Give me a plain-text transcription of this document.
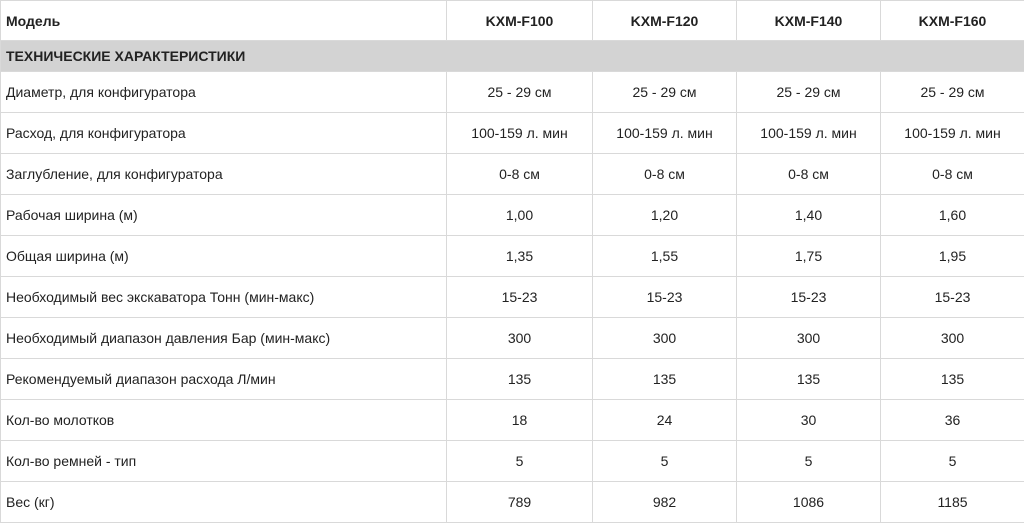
Модель	KXM-F100	KXM-F120	KXM-F140	KXM-F160
ТЕХНИЧЕСКИЕ ХАРАКТЕРИСТИКИ				
Диаметр, для конфигуратора	25 - 29 см	25 - 29 см	25 - 29 см	25 - 29 см
Расход, для конфигуратора	100-159 л. мин	100-159 л. мин	100-159 л. мин	100-159 л. мин
Заглубление, для конфигуратора	0-8 см	0-8 см	0-8 см	0-8 см
Рабочая ширина (м)	1,00	1,20	1,40	1,60
Общая ширина (м)	1,35	1,55	1,75	1,95
Необходимый вес экскаватора Тонн (мин-макс)	15-23	15-23	15-23	15-23
Необходимый диапазон давления Бар (мин-макс)	300	300	300	300
Рекомендуемый диапазон расхода Л/мин	135	135	135	135
Кол-во молотков	18	24	30	36
Кол-во ремней - тип	5	5	5	5
Вес (кг)	789	982	1086	1185
